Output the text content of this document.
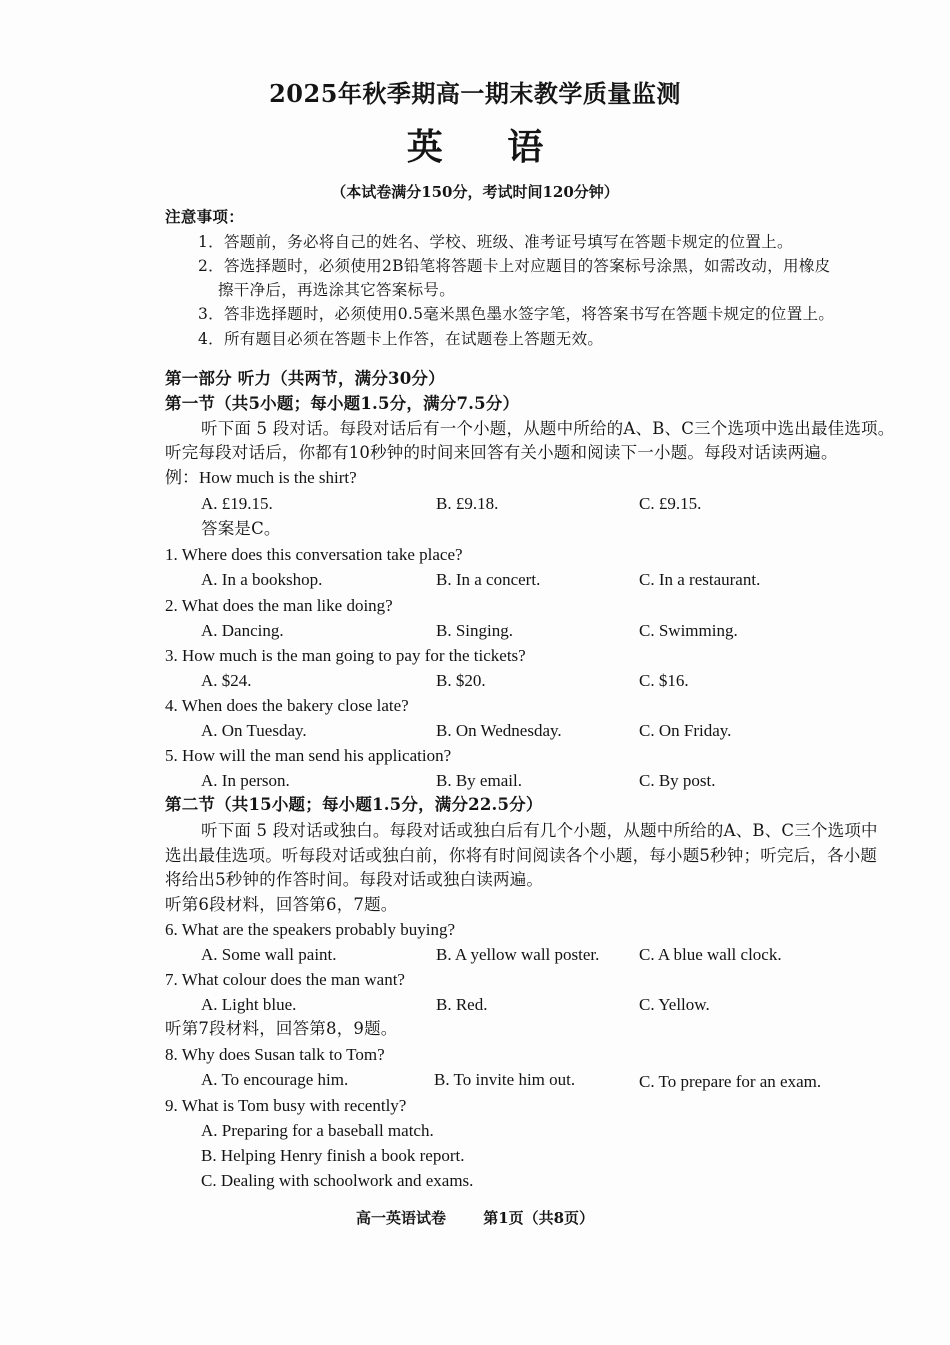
2025年秋季期高一期末教学质量监测
英 语
（本试卷满分150分，考试时间120分钟）
注意事项：
1．答题前，务必将自己的姓名、学校、班级、准考证号填写在答题卡规定的位置上。
2．答选择题时，必须使用2B铅笔将答题卡上对应题目的答案标号涂黑，如需改动，用橡皮
擦干净后，再选涂其它答案标号。
3．答非选择题时，必须使用0.5毫米黑色墨水签字笔，将答案书写在答题卡规定的位置上。
4．所有题目必须在答题卡上作答，在试题卷上答题无效。
第一部分 听力（共两节，满分30分）
第一节（共5小题；每小题1.5分，满分7.5分）
听下面 5 段对话。每段对话后有一个小题，从题中所给的A、B、C三个选项中选出最佳选项。
听完每段对话后，你都有10秒钟的时间来回答有关小题和阅读下一小题。每段对话读两遍。
例：How much is the shirt?
A. £19.15.	B. £9.18.	C. £9.15.
答案是C。
1. Where does this conversation take place?
A. In a bookshop.	B. In a concert.	C. In a restaurant.
2. What does the man like doing?
A. Dancing.	B. Singing.	C. Swimming.
3. How much is the man going to pay for the tickets?
A. $24.	B. $20.	C. $16.
4. When does the bakery close late?
A. On Tuesday.	B. On Wednesday.	C. On Friday.
5. How will the man send his application?
A. In person.	B. By email.	C. By post.
第二节（共15小题；每小题1.5分，满分22.5分）
听下面 5 段对话或独白。每段对话或独白后有几个小题，从题中所给的A、B、C三个选项中
选出最佳选项。听每段对话或独白前，你将有时间阅读各个小题，每小题5秒钟；听完后，各小题
将给出5秒钟的作答时间。每段对话或独白读两遍。
听第6段材料，回答第6，7题。
6. What are the speakers probably buying?
A. Some wall paint.	B. A yellow wall poster. C. A blue wall clock.
7. What colour does the man want?
A. Light blue.	B. Red.	C. Yellow.
听第7段材料，回答第8，9题。
8. Why does Susan talk to Tom?
A. To encourage him.	B. To invite him out.	C. To prepare for an exam.
9. What is Tom busy with recently?
A. Preparing for a baseball match.
B. Helping Henry finish a book report.
C. Dealing with schoolwork and exams.
高一英语试卷 第1页（共8页）
